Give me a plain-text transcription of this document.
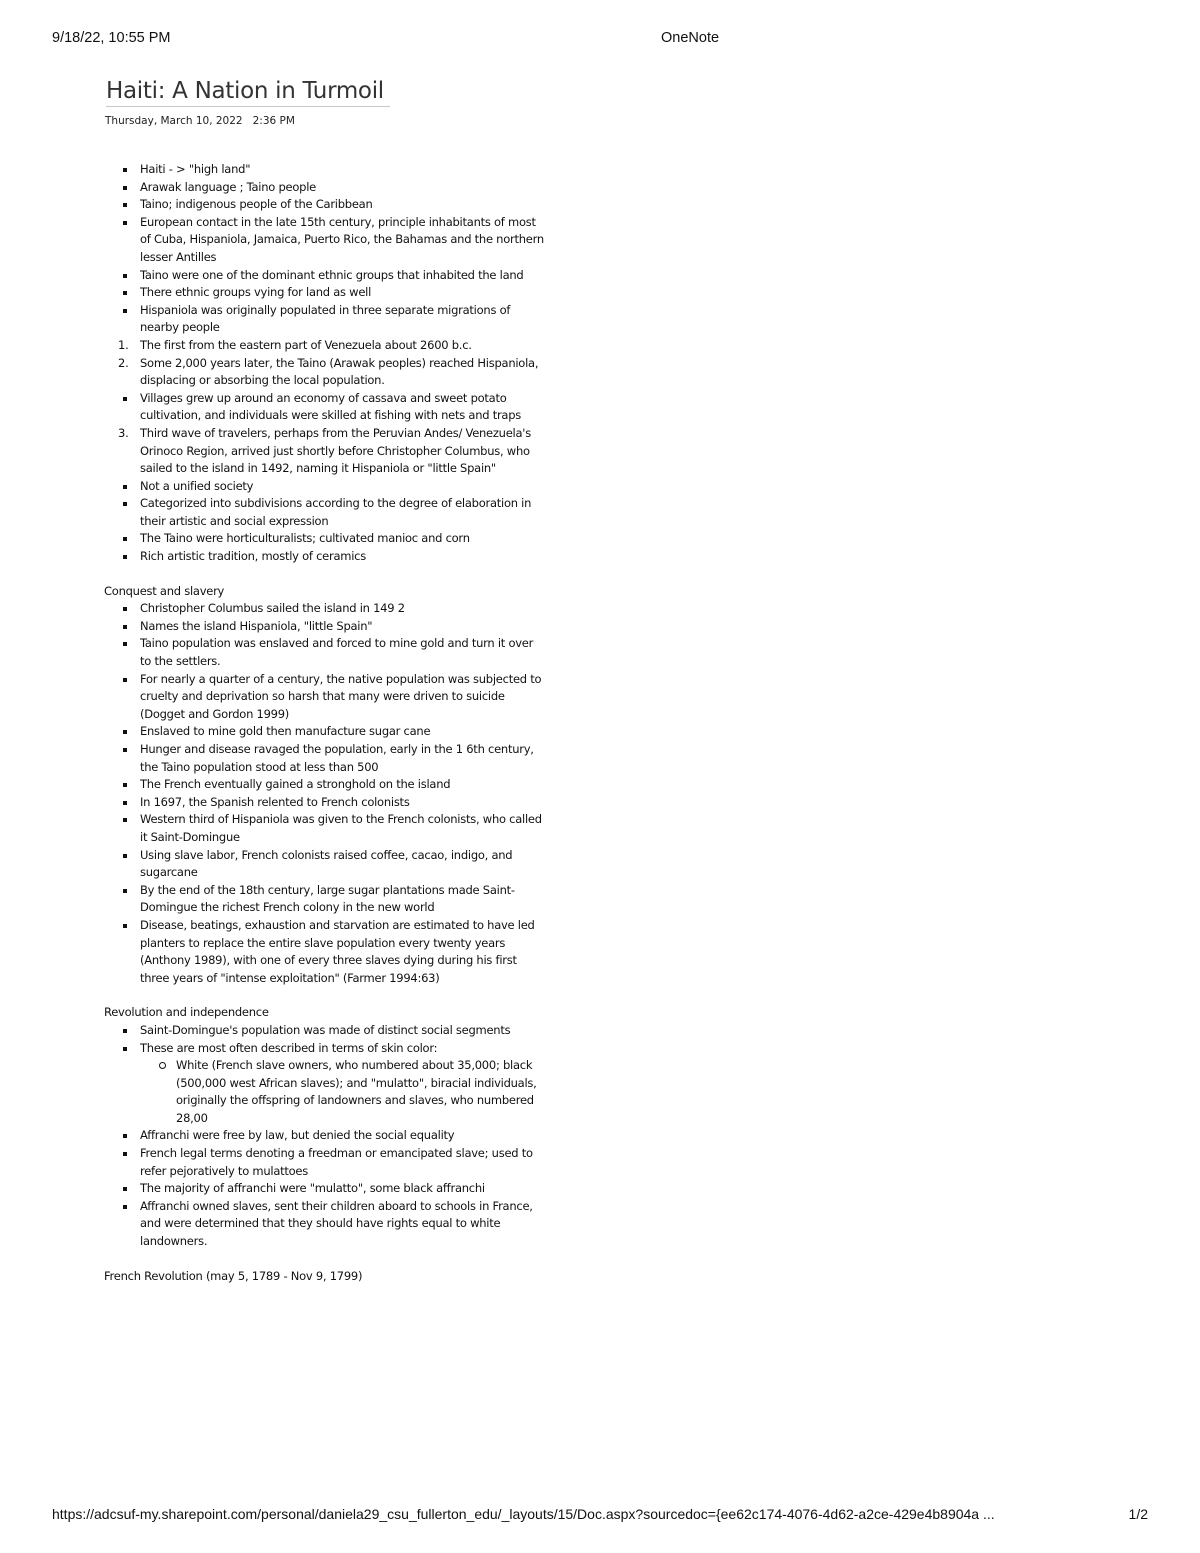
9/18/22, 10:55 PM	OneNote
Haiti: A Nation in Turmoil
Thursday, March 10, 2022 2:36 PM
Haiti - > "high land"
Arawak language ; Taino people
Taino; indigenous people of the Caribbean
European contact in the late 15th century, principle inhabitants of most of Cuba, Hispaniola, Jamaica, Puerto Rico, the Bahamas and the northern lesser Antilles
Taino were one of the dominant ethnic groups that inhabited the land
There ethnic groups vying for land as well
Hispaniola was originally populated in three separate migrations of nearby people
1. The first from the eastern part of Venezuela about 2600 b.c.
2. Some 2,000 years later, the Taino (Arawak peoples) reached Hispaniola, displacing or absorbing the local population.
Villages grew up around an economy of cassava and sweet potato cultivation, and individuals were skilled at fishing with nets and traps
3. Third wave of travelers, perhaps from the Peruvian Andes/ Venezuela's Orinoco Region, arrived just shortly before Christopher Columbus, who sailed to the island in 1492, naming it Hispaniola or "little Spain"
Not a unified society
Categorized into subdivisions according to the degree of elaboration in their artistic and social expression
The Taino were horticulturalists; cultivated manioc and corn
Rich artistic tradition, mostly of ceramics
Conquest and slavery
Christopher Columbus sailed the island in 149 2
Names the island Hispaniola, "little Spain"
Taino population was enslaved and forced to mine gold and turn it over to the settlers.
For nearly a quarter of a century, the native population was subjected to cruelty and deprivation so harsh that many were driven to suicide (Dogget and Gordon 1999)
Enslaved to mine gold then manufacture sugar cane
Hunger and disease ravaged the population, early in the 1 6th century, the Taino population stood at less than 500
The French eventually gained a stronghold on the island
In 1697, the Spanish relented to French colonists
Western third of Hispaniola was given to the French colonists, who called it Saint-Domingue
Using slave labor, French colonists raised coffee, cacao, indigo, and sugarcane
By the end of the 18th century, large sugar plantations made Saint-Domingue the richest French colony in the new world
Disease, beatings, exhaustion and starvation are estimated to have led planters to replace the entire slave population every twenty years (Anthony 1989), with one of every three slaves dying during his first three years of "intense exploitation" (Farmer 1994:63)
Revolution and independence
Saint-Domingue's population was made of distinct social segments
These are most often described in terms of skin color:
White (French slave owners, who numbered about 35,000; black (500,000 west African slaves); and "mulatto", biracial individuals, originally the offspring of landowners and slaves, who numbered 28,00
Affranchi were free by law, but denied the social equality
French legal terms denoting a freedman or emancipated slave; used to refer pejoratively to mulattoes
The majority of affranchi were "mulatto", some black affranchi
Affranchi owned slaves, sent their children aboard to schools in France, and were determined that they should have rights equal to white landowners.
French Revolution (may 5, 1789 - Nov 9, 1799)
https://adcsuf-my.sharepoint.com/personal/daniela29_csu_fullerton_edu/_layouts/15/Doc.aspx?sourcedoc={ee62c174-4076-4d62-a2ce-429e4b8904a ...	1/2
